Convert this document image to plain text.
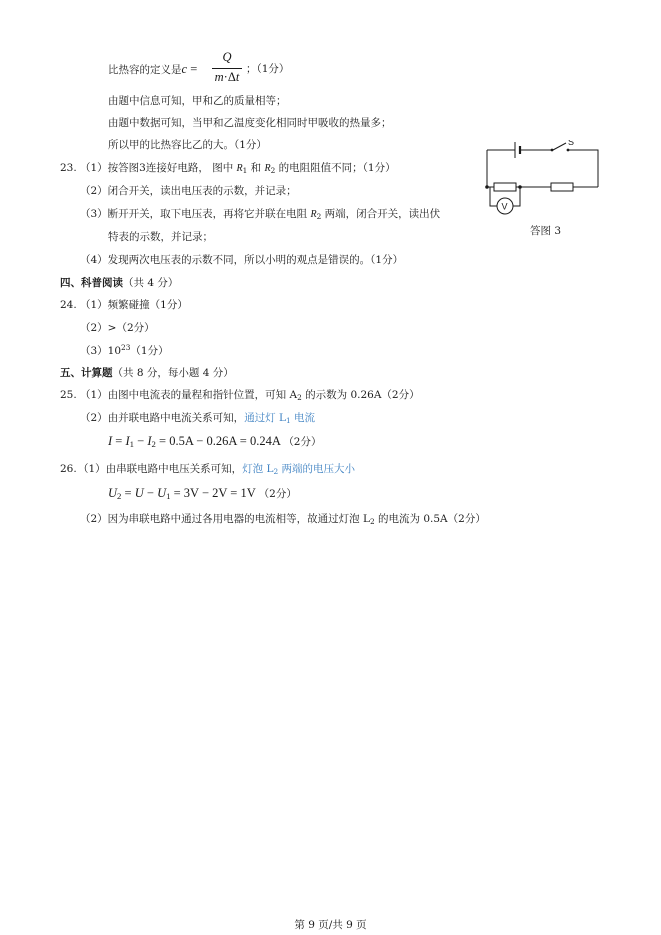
比热容的定义是c =
Q
m·Δt
；（1分）
由题中信息可知，甲和乙的质量相等；
由题中数据可知，当甲和乙温度变化相同时甲吸收的热量多；
所以甲的比热容比乙的大。（1分）
23. （1）按答图3连接好电路， 图中 $R_1$ 和 $R_2$ 的电阻阻值不同；（1分）
（2）闭合开关，读出电压表的示数，并记录；
（3）断开开关，取下电压表，再将它并联在电阻 $R_2$ 两端，闭合开关，读出伏
特表的示数，并记录；
（4）发现两次电压表的示数不同，所以小明的观点是错误的。（1分）
S
V
答图 3
四、科普阅读（共 4 分）
24. （1）频繁碰撞（1分）
（2）>（2分）
$(3)10^{23}(1$分）
五、计算题（共 8 分，每小题 4 分）
25. （1）由图中电流表的量程和指针位置，可知 $A_2$ 的示数为 0.26A（2分）
（2）由并联电路中电流关系可知，通过灯 $L_1$ 电流
$I = I_1 - I_2 = 0.5A - 0.26A = 0.24A$ （2分）
26. （1）由串联电路中电压关系可知，灯泡 $L_2$ 两端的电压大小
$U_2 = U - U_1 = 3V - 2V = 1V$ （2分）
（2）因为串联电路中通过各用电器的电流相等，故通过灯泡 $L_2$ 的电流为 0.5A（2分）
第 9 页/共 9 页
